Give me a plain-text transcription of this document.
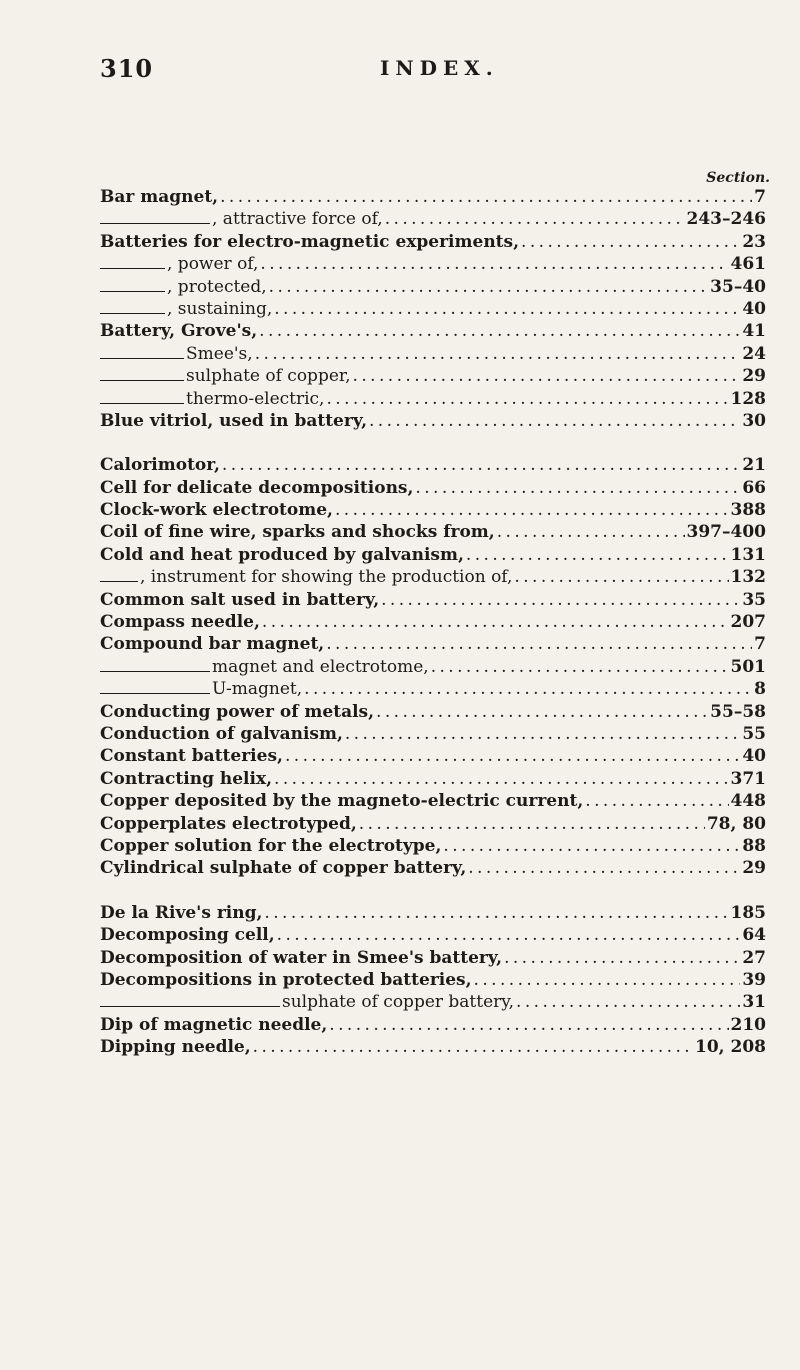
310	INDEX.
Section.
Bar magnet, . . .	7
, attractive force of, . . .	243–246
Batteries for electro-magnetic experiments, . . .	23
, power of, . . .	461
, protected, . . .	35–40
, sustaining, . . .	40
Battery, Grove's, . . .	41
Smee's, . . .	24
sulphate of copper, . . .	29
thermo-electric, . . .	128
Blue vitriol, used in battery, . . .	30
Calorimotor, . . .	21
Cell for delicate decompositions, . . .	66
Clock-work electrotome, . . .	388
Coil of fine wire, sparks and shocks from, . . .	397–400
Cold and heat produced by galvanism, . . .	131
, instrument for showing the production of, . . .	132
Common salt used in battery, . . .	35
Compass needle, . . .	207
Compound bar magnet, . . .	7
magnet and electrotome, . . .	501
U-magnet, . . .	8
Conducting power of metals, . . .	55–58
Conduction of galvanism, . . .	55
Constant batteries, . . .	40
Contracting helix, . . .	371
Copper deposited by the magneto-electric current, . . .	448
Copperplates electrotyped, . . .	78, 80
Copper solution for the electrotype, . . .	88
Cylindrical sulphate of copper battery, . . .	29
De la Rive's ring, . . .	185
Decomposing cell, . . .	64
Decomposition of water in Smee's battery, . . .	27
Decompositions in protected batteries, . . .	39
sulphate of copper battery, . . .	31
Dip of magnetic needle, . . .	210
Dipping needle, . . .	10, 208
